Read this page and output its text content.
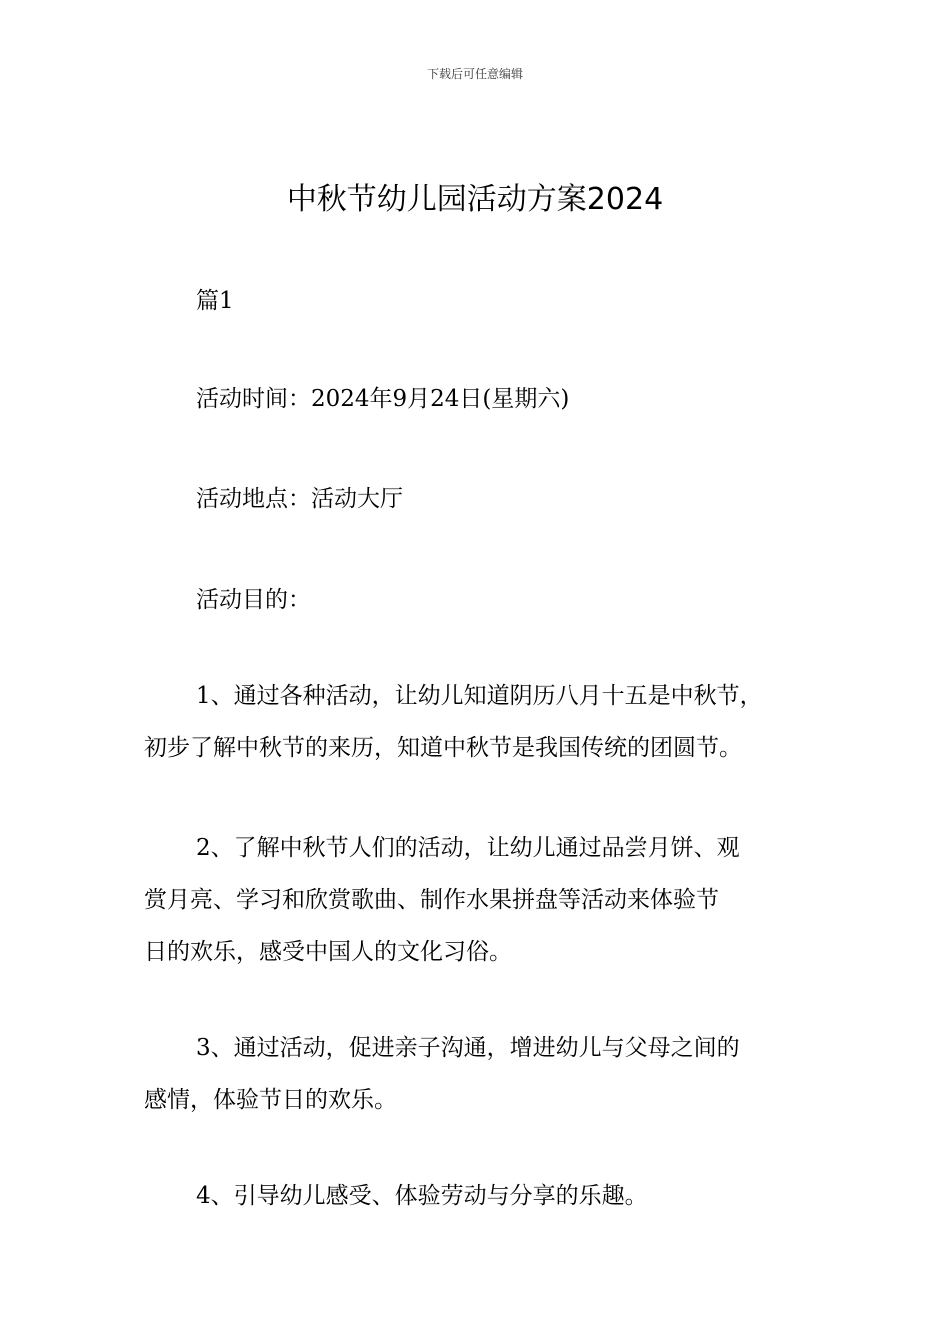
下载后可任意编辑
中秋节幼儿园活动方案2024
篇1
活动时间：2024年9月24日(星期六)
活动地点：活动大厅
活动目的：
1、通过各种活动，让幼儿知道阴历八月十五是中秋节，
初步了解中秋节的来历，知道中秋节是我国传统的团圆节。
2、了解中秋节人们的活动，让幼儿通过品尝月饼、观
赏月亮、学习和欣赏歌曲、制作水果拼盘等活动来体验节
日的欢乐，感受中国人的文化习俗。
3、通过活动，促进亲子沟通，增进幼儿与父母之间的
感情，体验节日的欢乐。
4、引导幼儿感受、体验劳动与分享的乐趣。
